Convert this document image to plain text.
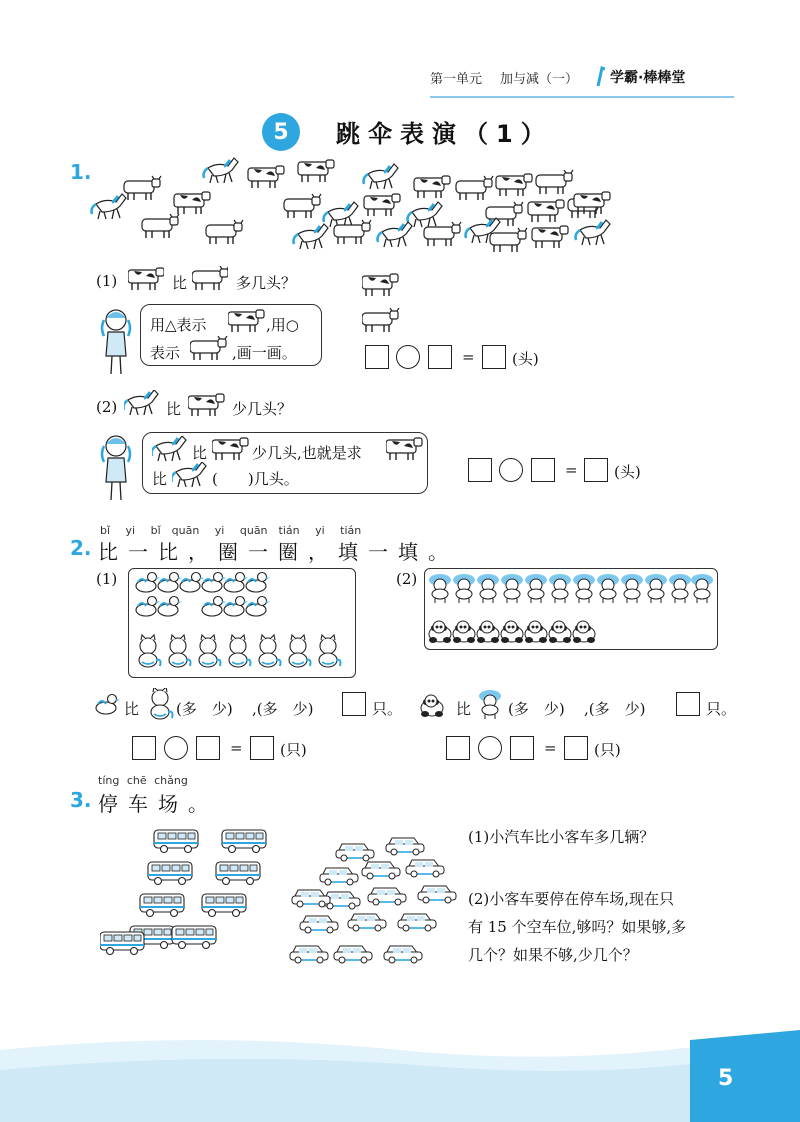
第一单元 加与减（一） 学霸·棒棒堂
5	跳伞表演（1）
1.
(1)	比	多几头？
用△表示	,用○
表示	,画一画。	= (头)
(2)	比	少几头？
比	少几头,也就是求
比	(　　)几头。	= (头)
bǐ yi bǐ　quān yi quān　tián yi tián
2. 比一比，圈一圈，填一填。
(1)	(2)
比 (多　少) ,(多　少)	只。	比 (多　少) ,(多　少)	只。
= (只)	= (只)
tíng chē chǎng
3. 停车场。
(1)小汽车比小客车多几辆？
(2)小客车要停在停车场,现在只
有 15 个空车位,够吗？如果够,多
几个？如果不够,少几个？
5
